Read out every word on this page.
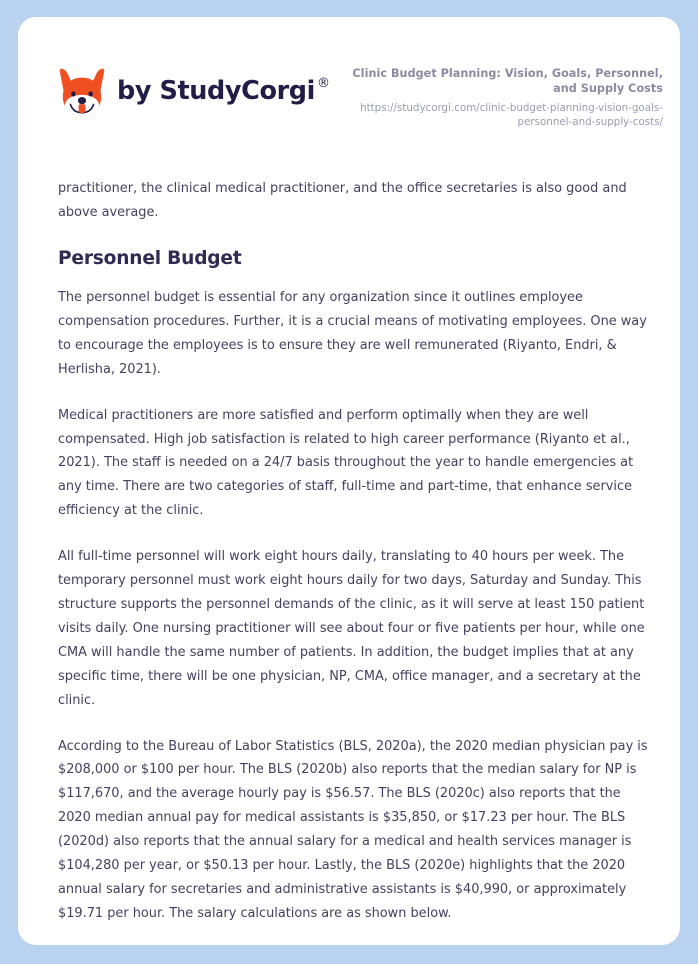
by StudyCorgi ®
Clinic Budget Planning: Vision, Goals, Personnel, and Supply Costs
https://studycorgi.com/clinic-budget-planning-vision-goals-personnel-and-supply-costs/

practitioner, the clinical medical practitioner, and the office secretaries is also good and above average.

Personnel Budget

The personnel budget is essential for any organization since it outlines employee compensation procedures. Further, it is a crucial means of motivating employees. One way to encourage the employees is to ensure they are well remunerated (Riyanto, Endri, & Herlisha, 2021).

Medical practitioners are more satisfied and perform optimally when they are well compensated. High job satisfaction is related to high career performance (Riyanto et al., 2021). The staff is needed on a 24/7 basis throughout the year to handle emergencies at any time. There are two categories of staff, full-time and part-time, that enhance service efficiency at the clinic.

All full-time personnel will work eight hours daily, translating to 40 hours per week. The temporary personnel must work eight hours daily for two days, Saturday and Sunday. This structure supports the personnel demands of the clinic, as it will serve at least 150 patient visits daily. One nursing practitioner will see about four or five patients per hour, while one CMA will handle the same number of patients. In addition, the budget implies that at any specific time, there will be one physician, NP, CMA, office manager, and a secretary at the clinic.

According to the Bureau of Labor Statistics (BLS, 2020a), the 2020 median physician pay is $208,000 or $100 per hour. The BLS (2020b) also reports that the median salary for NP is $117,670, and the average hourly pay is $56.57. The BLS (2020c) also reports that the 2020 median annual pay for medical assistants is $35,850, or $17.23 per hour. The BLS (2020d) also reports that the annual salary for a medical and health services manager is $104,280 per year, or $50.13 per hour. Lastly, the BLS (2020e) highlights that the 2020 annual salary for secretaries and administrative assistants is $40,990, or approximately $19.71 per hour. The salary calculations are as shown below.
